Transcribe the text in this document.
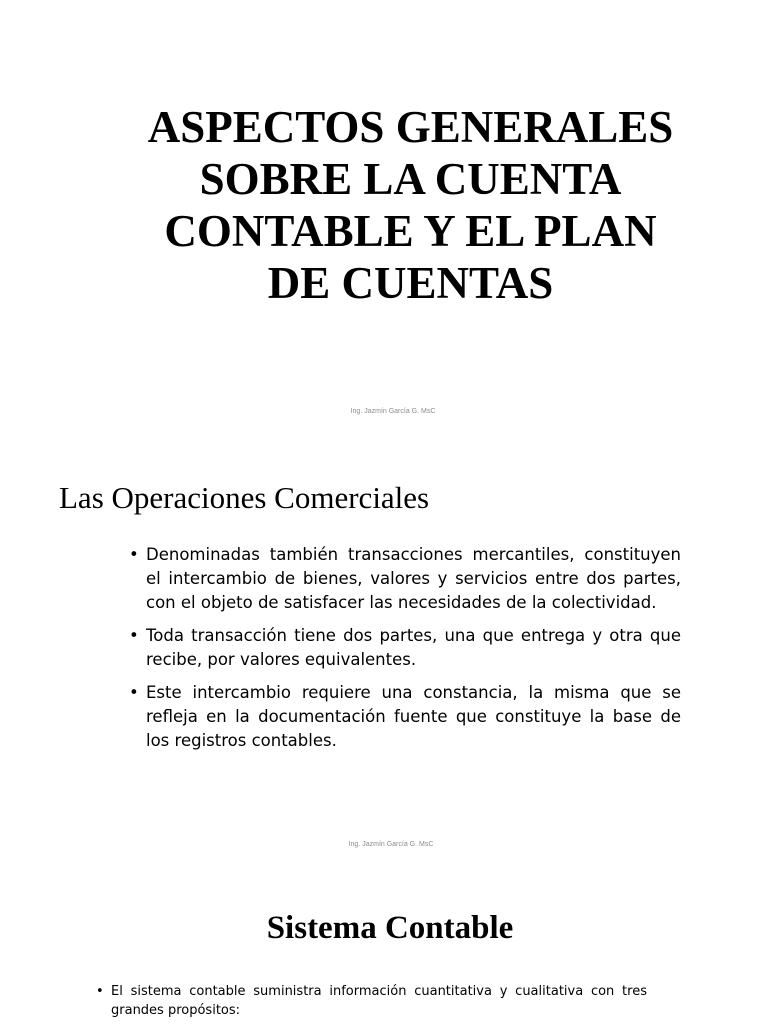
ASPECTOS GENERALES
SOBRE LA CUENTA
CONTABLE Y EL PLAN
DE CUENTAS
Ing. Jazmín García G. MsC
Las Operaciones Comerciales
• Denominadas también transacciones mercantiles, constituyen el intercambio de bienes, valores y servicios entre dos partes, con el objeto de satisfacer las necesidades de la colectividad.
• Toda transacción tiene dos partes, una que entrega y otra que recibe, por valores equivalentes.
• Este intercambio requiere una constancia, la misma que se refleja en la documentación fuente que constituye la base de los registros contables.
Ing. Jazmín García G. MsC
Sistema Contable
• El sistema contable suministra información cuantitativa y cualitativa con tres grandes propósitos:
